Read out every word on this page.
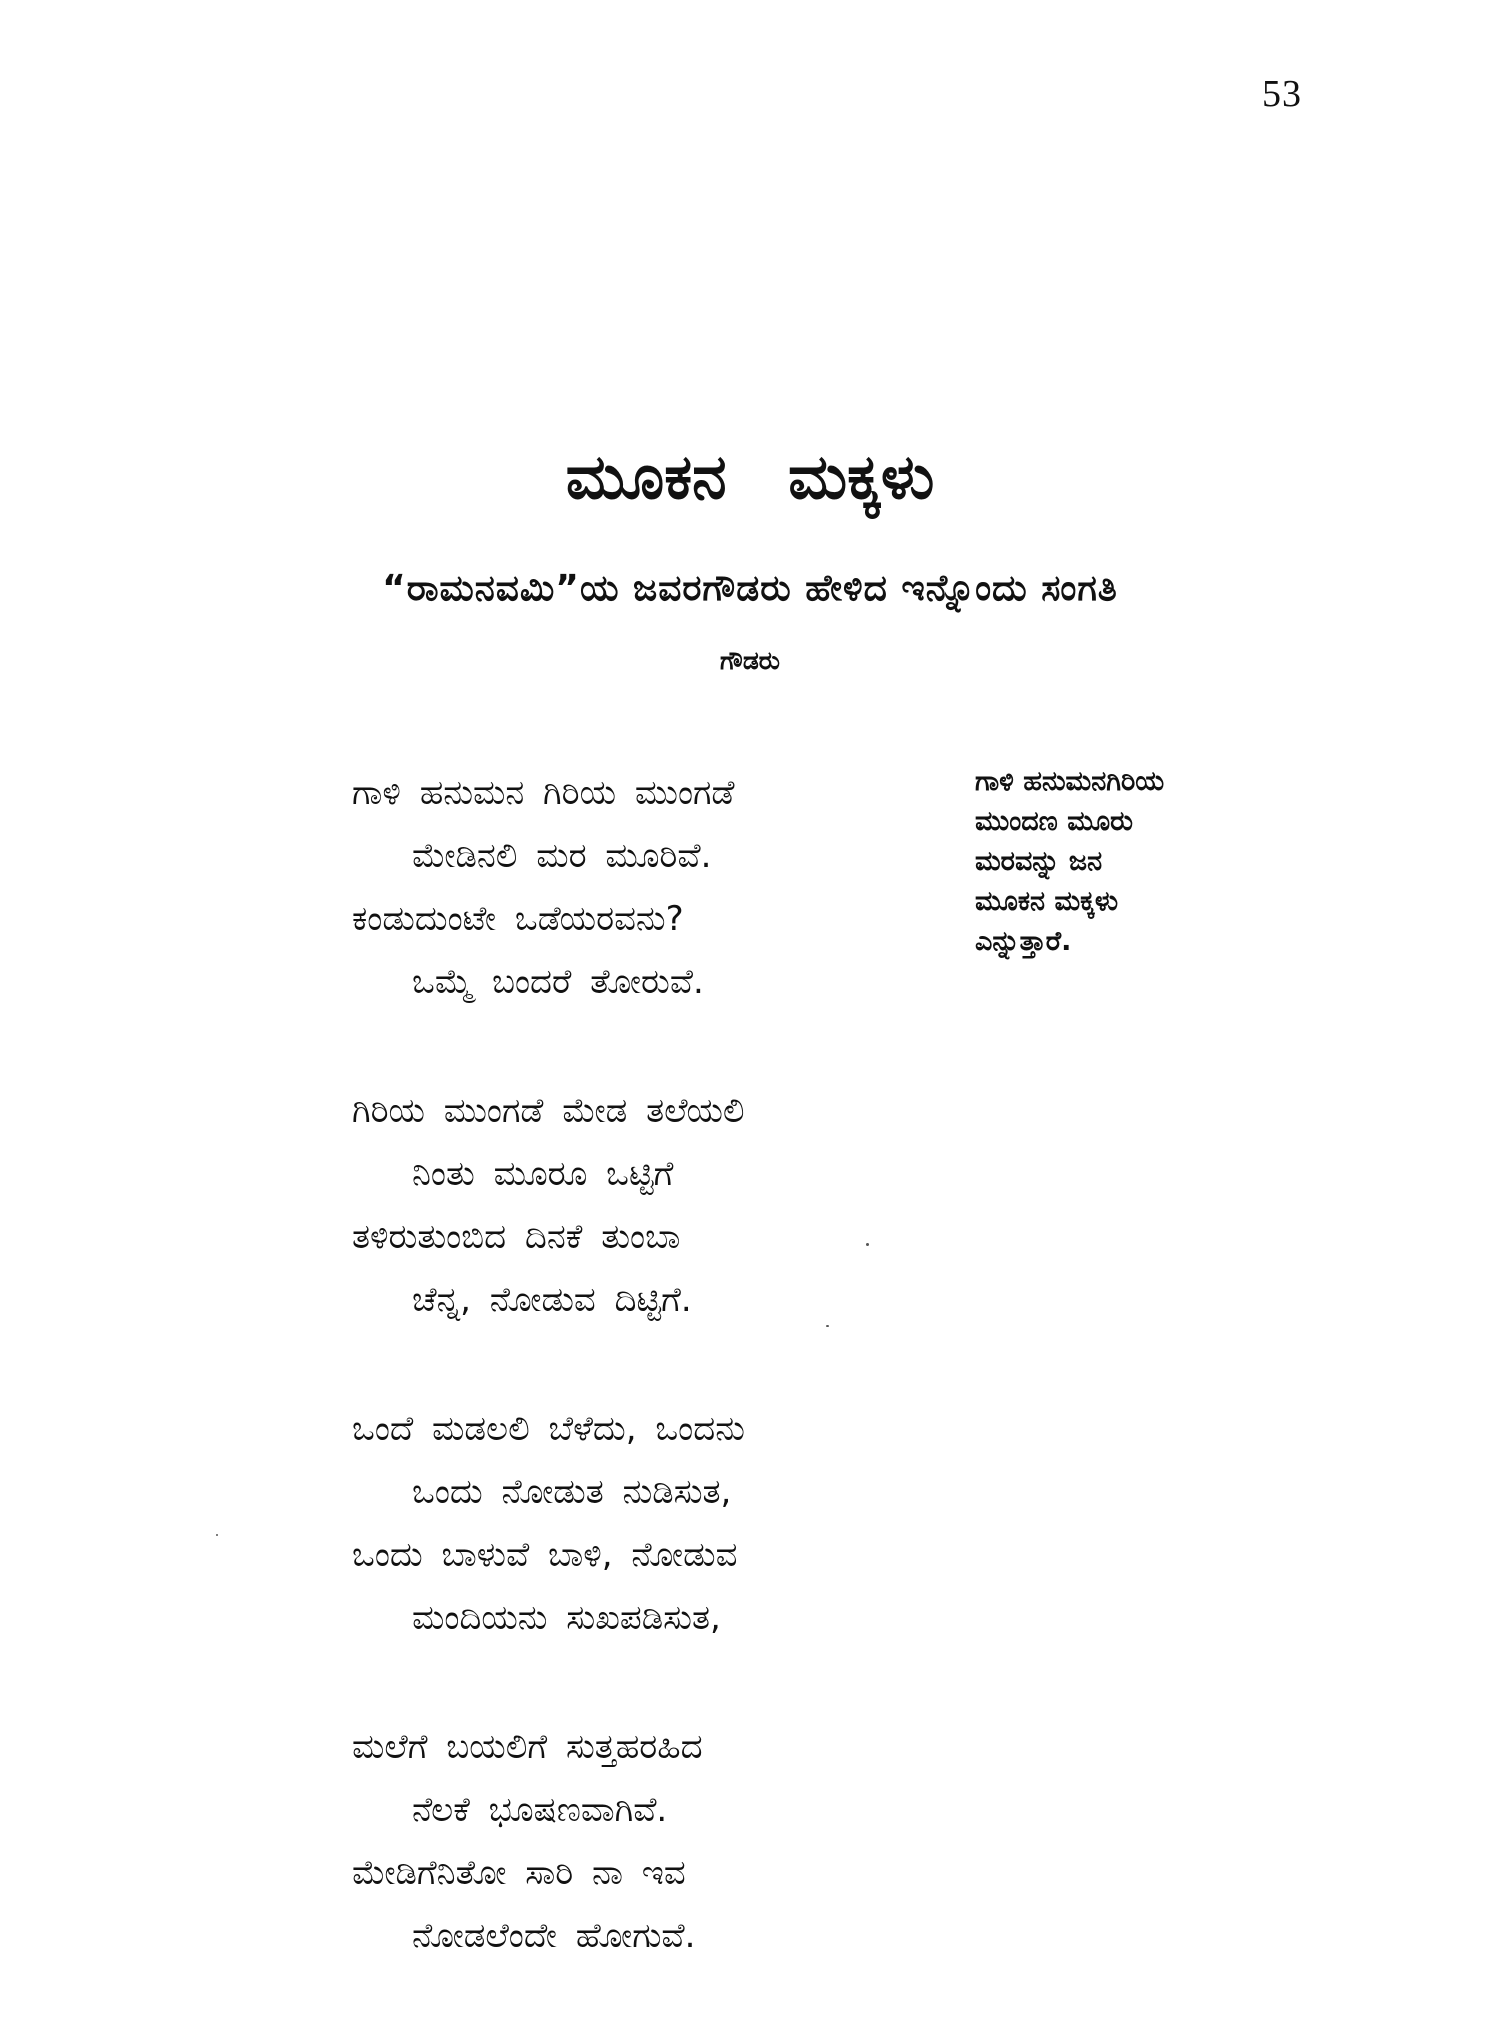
53
ಮೂಕನ ಮಕ್ಕಳು
“ರಾಮನವಮಿ”ಯ ಜವರಗೌಡರು ಹೇಳಿದ ಇನ್ನೊಂದು ಸಂಗತಿ
ಗೌಡರು
ಗಾಳಿ ಹನುಮನ ಗಿರಿಯ ಮುಂಗಡೆ
ಮೇಡಿನಲಿ ಮರ ಮೂರಿವೆ.
ಕಂಡುದುಂಟೇ ಒಡೆಯರವನು?
ಒಮ್ಮೆ ಬಂದರೆ ತೋರುವೆ.
ಗಿರಿಯ ಮುಂಗಡೆ ಮೇಡ ತಲೆಯಲಿ
ನಿಂತು ಮೂರೂ ಒಟ್ಟಿಗೆ
ತಳಿರುತುಂಬಿದ ದಿನಕೆ ತುಂಬಾ
ಚೆನ್ನ, ನೋಡುವ ದಿಟ್ಟಿಗೆ.
ಒಂದೆ ಮಡಲಲಿ ಬೆಳೆದು, ಒಂದನು
ಒಂದು ನೋಡುತ ನುಡಿಸುತ,
ಒಂದು ಬಾಳುವೆ ಬಾಳಿ, ನೋಡುವ
ಮಂದಿಯನು ಸುಖಪಡಿಸುತ,
ಮಲೆಗೆ ಬಯಲಿಗೆ ಸುತ್ತಹರಹಿದ
ನೆಲಕೆ ಭೂಷಣವಾಗಿವೆ.
ಮೇಡಿಗೆನಿತೋ ಸಾರಿ ನಾ ಇವ
ನೋಡಲೆಂದೇ ಹೋಗುವೆ.
ಗಾಳಿ ಹನುಮನಗಿರಿಯ
ಮುಂದಣ ಮೂರು
ಮರವನ್ನು ಜನ
ಮೂಕನ ಮಕ್ಕಳು
ಎನ್ನುತ್ತಾರೆ.
